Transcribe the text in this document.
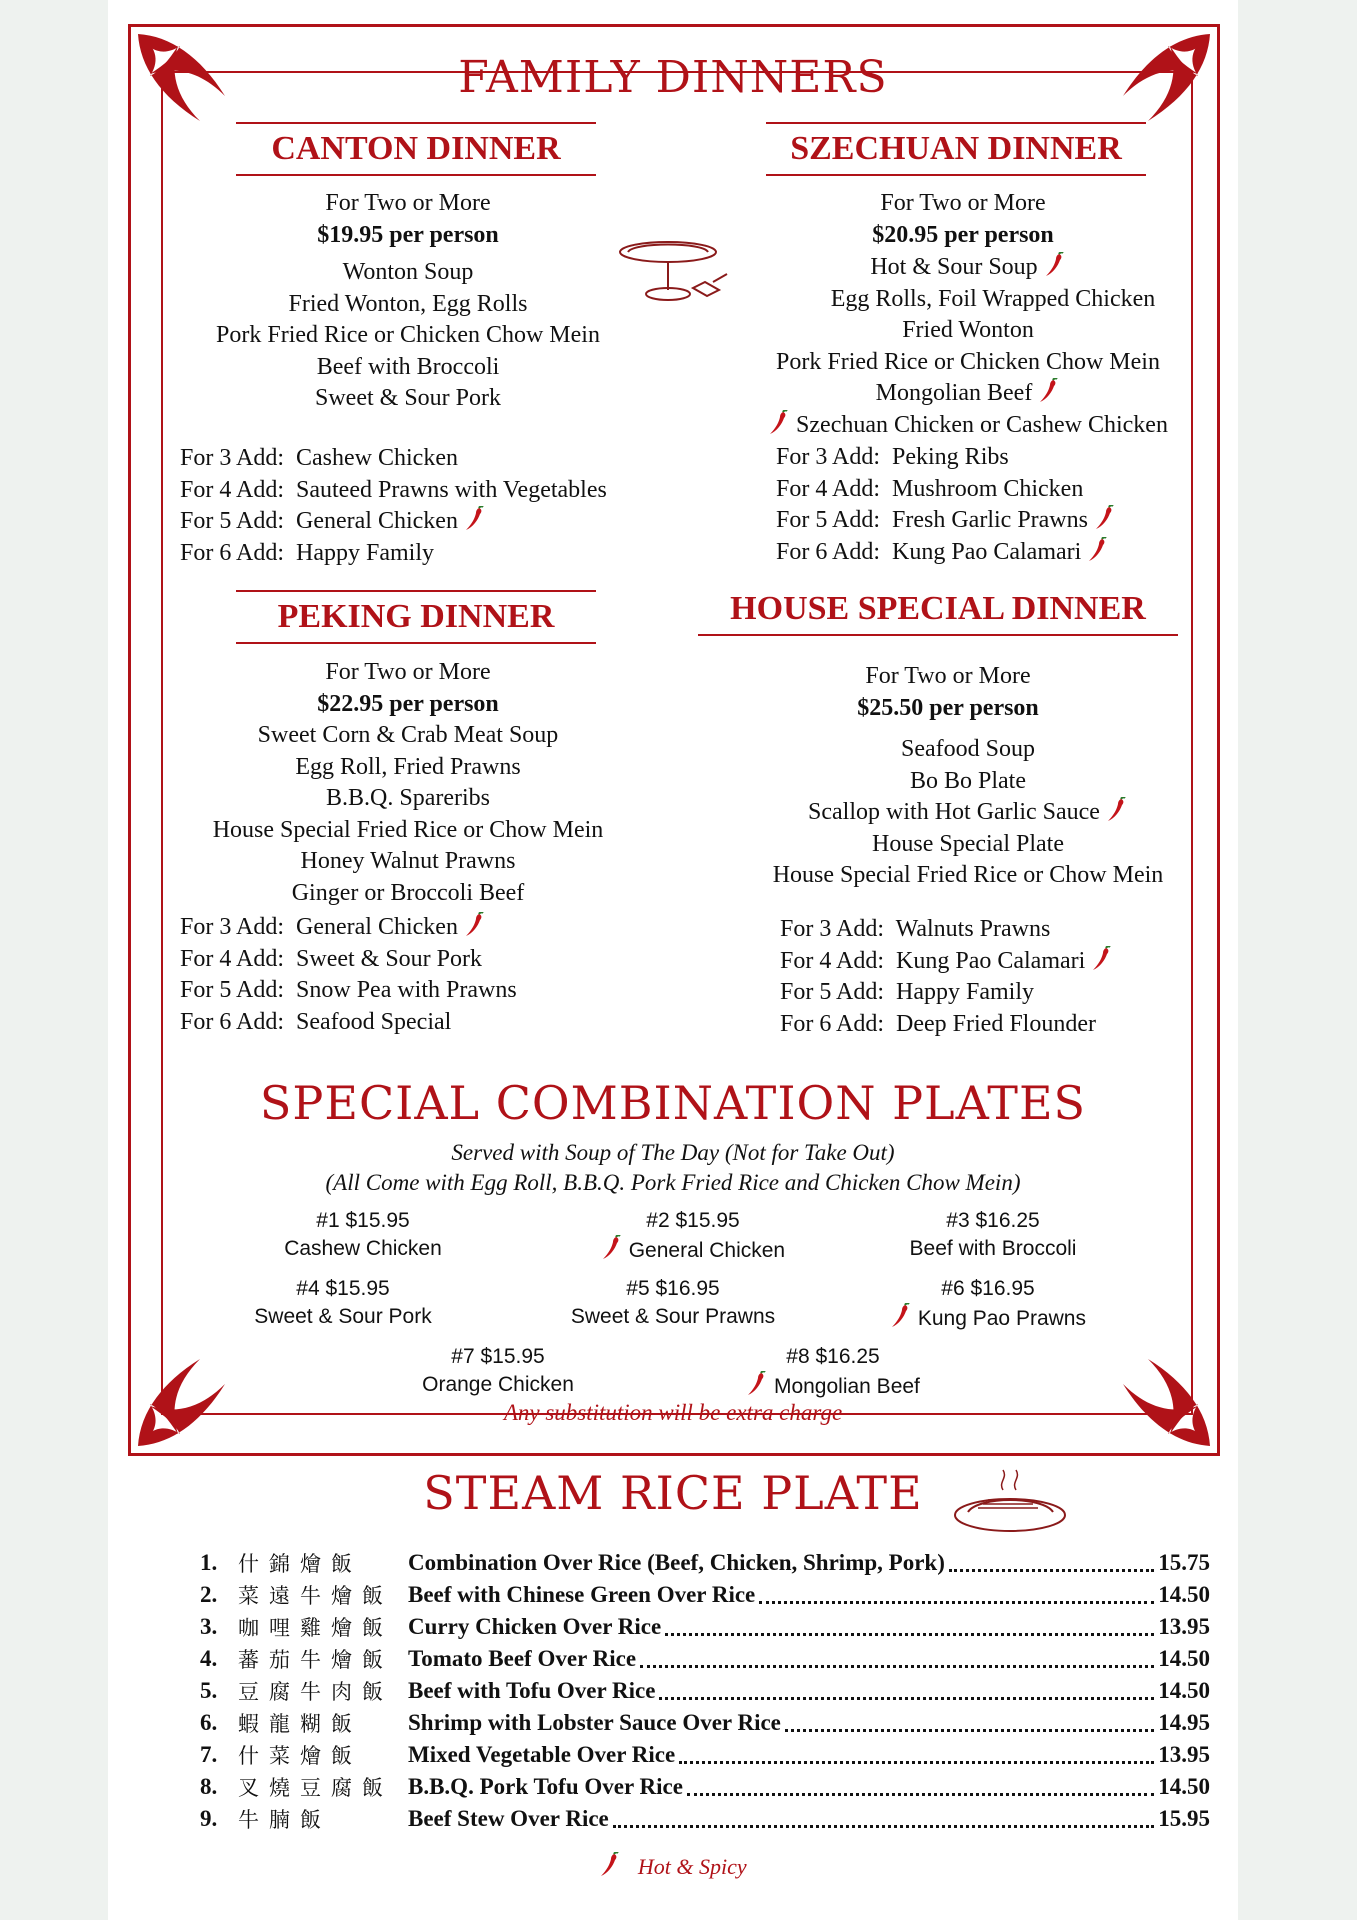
FAMILY DINNERS
CANTON DINNER
For Two or More
$19.95 per person
Wonton Soup
Fried Wonton, Egg Rolls
Pork Fried Rice or Chicken Chow Mein
Beef with Broccoli
Sweet & Sour Pork
For 3 Add: Cashew Chicken
For 4 Add: Sauteed Prawns with Vegetables
For 5 Add: General Chicken
For 6 Add: Happy Family
SZECHUAN DINNER
For Two or More
$20.95 per person
Hot & Sour Soup
Egg Rolls, Foil Wrapped Chicken
Fried Wonton
Pork Fried Rice or Chicken Chow Mein
Mongolian Beef
Szechuan Chicken or Cashew Chicken
For 3 Add: Peking Ribs
For 4 Add: Mushroom Chicken
For 5 Add: Fresh Garlic Prawns
For 6 Add: Kung Pao Calamari
PEKING DINNER
For Two or More
$22.95 per person
Sweet Corn & Crab Meat Soup
Egg Roll, Fried Prawns
B.B.Q. Spareribs
House Special Fried Rice or Chow Mein
Honey Walnut Prawns
Ginger or Broccoli Beef
For 3 Add: General Chicken
For 4 Add: Sweet & Sour Pork
For 5 Add: Snow Pea with Prawns
For 6 Add: Seafood Special
HOUSE SPECIAL DINNER
For Two or More
$25.50 per person
Seafood Soup
Bo Bo Plate
Scallop with Hot Garlic Sauce
House Special Plate
House Special Fried Rice or Chow Mein
For 3 Add: Walnuts Prawns
For 4 Add: Kung Pao Calamari
For 5 Add: Happy Family
For 6 Add: Deep Fried Flounder
SPECIAL COMBINATION PLATES
Served with Soup of The Day (Not for Take Out)
(All Come with Egg Roll, B.B.Q. Pork Fried Rice and Chicken Chow Mein)
#1 $15.95
Cashew Chicken
#2 $15.95
General Chicken
#3 $16.25
Beef with Broccoli
#4 $15.95
Sweet & Sour Pork
#5 $16.95
Sweet & Sour Prawns
#6 $16.95
Kung Pao Prawns
#7 $15.95
Orange Chicken
#8 $16.25
Mongolian Beef
Any substitution will be extra charge
STEAM RICE PLATE
1. 什錦燴飯	Combination Over Rice (Beef, Chicken, Shrimp, Pork)	15.75
2. 菜遠牛燴飯 Beef with Chinese Green Over Rice	14.50
3. 咖哩雞燴飯 Curry Chicken Over Rice	13.95
4. 蕃茄牛燴飯 Tomato Beef Over Rice	14.50
5. 豆腐牛肉飯 Beef with Tofu Over Rice	14.50
6. 蝦龍糊飯	Shrimp with Lobster Sauce Over Rice	14.95
7. 什菜燴飯	Mixed Vegetable Over Rice	13.95
8. 叉燒豆腐飯 B.B.Q. Pork Tofu Over Rice	14.50
9. 牛腩飯	Beef Stew Over Rice	15.95
Hot & Spicy
